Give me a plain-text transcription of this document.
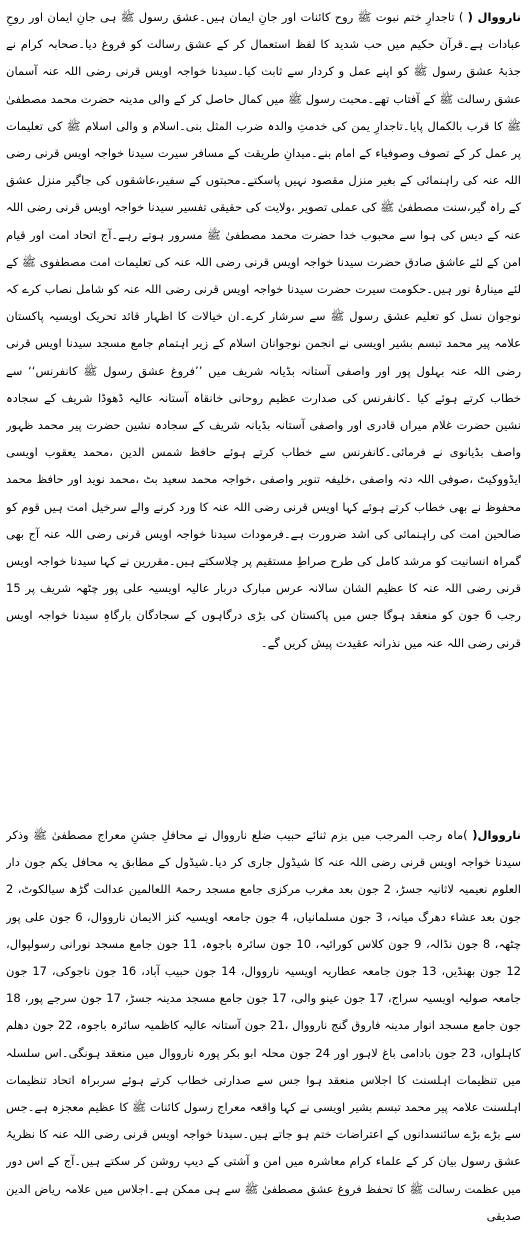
نارووال ( ) تاجدارِ ختم نبوت ﷺ روح کائنات اور جانِ ایمان ہیں۔عشق رسول ﷺ ہی جانِ ایمان اور روحِ عبادات ہے۔قرآن حکیم میں حب شدید کا لفظ استعمال کر کے عشق رسالت کو فروغ دیا۔صحابہ کرام نے جذبۂ عشق رسول ﷺ کو اپنے عمل و کردار سے ثابت کیا۔سیدنا خواجہ اویس قرنی رضی اللہ عنہ آسمان عشق رسالت ﷺ کے آفتاب تھے۔محبت رسول ﷺ میں کمال حاصل کر کے والی مدینہ حضرت محمد مصطفیٰ ﷺ کا قرب بالکمال پایا۔تاجدارِ یمن کی خدمتِ والدہ ضرب المثل بنی۔اسلام و والی اسلام ﷺ کی تعلیمات پر عمل کر کے تصوف وصوفیاء کے امام بنے۔میدانِ طریقت کے مسافر سیرت سیدنا خواجہ اویس قرنی رضی اللہ عنہ کی راہنمائی کے بغیر منزل مقصود نہیں پاسکتے۔محبتوں کے سفیر،عاشقوں کی جاگیر منزل عشق کے راہ گیر،سنت مصطفیٰ ﷺ کی عملی تصویر ،ولایت کی حقیقی تفسیر سیدنا خواجہ اویس قرنی رضی اللہ عنہ کے دیس کی ہوا سے محبوب خدا حضرت محمد مصطفیٰ ﷺ مسرور ہوتے رہے۔آج اتحاد امت اور قیام امن کے لئے عاشق صادق حضرت سیدنا خواجہ اویس قرنی رضی اللہ عنہ کی تعلیمات امت مصطفوی ﷺ کے لئے مینارۂ نور ہیں۔حکومت سیرت حضرت سیدنا خواجہ اویس قرنی رضی اللہ عنہ کو شامل نصاب کرے کہ نوجوان نسل کو تعلیم عشق رسول ﷺ سے سرشار کرے۔ان خیالات کا اظہار قائد تحریک اویسیہ پاکستان علامہ پیر محمد تبسم بشیر اویسی نے انجمن نوجوانان اسلام کے زیر اہتمام جامع مسجد سیدنا اویس قرنی رضی اللہ عنہ بہلول پور اور واصفی آستانہ بڈیانہ شریف میں ’’فروغ عشق رسول ﷺ کانفرنس‘‘ سے خطاب کرتے ہوئے کیا ۔کانفرنس کی صدارت عظیم روحانی خانقاہ آستانہ عالیہ ڈھوڈا شریف کے سجادہ نشین حضرت غلام میراں قادری اور واصفی آستانہ بڈیانہ شریف کے سجادہ نشین حضرت پیر محمد ظہور واصف بڈیانوی نے فرمائی۔کانفرنس سے خطاب کرتے ہوئے حافظ شمس الدین ،محمد یعقوب اویسی ایڈووکیٹ ،صوفی اللہ دتہ واصفی ،خلیفہ تنویر واصفی ،خواجہ محمد سعید بٹ ،محمد نوید اور حافظ محمد محفوظ نے بھی خطاب کرتے ہوئے کہا اویس قرنی رضی اللہ عنہ کا ورد کرنے والے سرخیل امت ہیں قوم کو صالحین امت کی راہنمائی کی اشد ضرورت ہے۔فرمودات سیدنا خواجہ اویس قرنی رضی اللہ عنہ آج بھی گمراہ انسانیت کو مرشد کامل کی طرح صراطِ مستقیم پر چلاسکتے ہیں۔مقررین نے کہا سیدنا خواجہ اویس قرنی رضی اللہ عنہ کا عظیم الشان سالانہ عرس مبارک دربار عالیہ اویسیہ علی پور چٹھہ شریف پر 15 رجب 6 جون کو منعقد ہوگا جس میں پاکستان کی بڑی درگاہوں کے سجادگان بارگاہِ سیدنا خواجہ اویس قرنی رضی اللہ عنہ میں نذرانہ عقیدت پیش کریں گے۔

نارووال( )ماہ رجب المرجب میں بزم ثنائے حبیب ضلع نارووال نے محافلِ جشنِ معراج مصطفیٰ ﷺ وذکر سیدنا خواجہ اویس قرنی رضی اللہ عنہ کا شیڈول جاری کر دیا۔شیڈول کے مطابق یہ محافل یکم جون دار العلوم نعیمیہ لاثانیہ جسڑ، 2 جون بعد مغرب مرکزی جامع مسجد رحمۃ اللعالمین عدالت گڑھ سیالکوٹ، 2 جون بعد عشاء دھرگ میانہ، 3 جون مسلمانیاں، 4 جون جامعہ اویسیہ کنز الایمان نارووال، 6 جون علی پور چٹھہ، 8 جون نڈالہ، 9 جون کلاس کورائیہ، 10 جون سائرہ باجوہ، 11 جون جامع مسجد نورانی رسولپوال، 12 جون بھنڈیں، 13 جون جامعہ عطاریہ اویسیہ نارووال، 14 جون حبیب آباد، 16 جون ناجوکی، 17 جون جامعہ صولیہ اویسیہ سراج، 17 جون عینو والی، 17 جون جامع مسجد مدینہ جسڑ، 17 جون سرجے پور، 18 جون جامع مسجد انوار مدینہ فاروق گنج نارووال ،21 جون آستانہ عالیہ کاظمیہ سائرہ باجوہ، 22 جون دھلم کاہلواں، 23 جون بادامی باغ لاہور اور 24 جون محلہ ابو بکر پورہ نارووال میں منعقد ہونگی۔اس سلسلہ میں تنظیمات اہلسنت کا اجلاس منعقد ہوا جس سے صدارتی خطاب کرتے ہوئے سربراہ اتحاد تنظیمات اہلسنت علامہ پیر محمد تبسم بشیر اویسی نے کہا واقعہ معراج رسول کائنات ﷺ کا عظیم معجزہ ہے۔جس سے بڑے بڑے سائنسدانوں کے اعتراضات ختم ہو جاتے ہیں۔سیدنا خواجہ اویس قرنی رضی اللہ عنہ کا نظریۂ عشق رسول بیان کر کے علماء کرام معاشرہ میں امن و آشتی کے دیپ روشن کر سکتے ہیں۔آج کے اس دور میں عظمت رسالت ﷺ کا تحفظ فروغ عشق مصطفیٰ ﷺ سے ہی ممکن ہے۔اجلاس میں علامہ ریاض الدین صدیقی
